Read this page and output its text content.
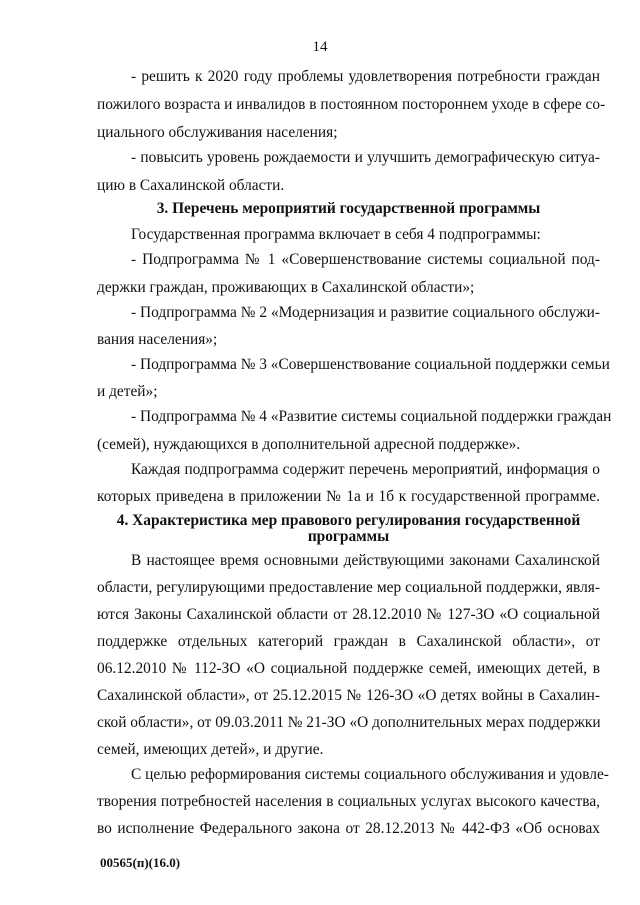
14
- решить к 2020 году проблемы удовлетворения потребности граждан
пожилого возраста и инвалидов в постоянном постороннем уходе в сфере со-
циального обслуживания населения;
- повысить уровень рождаемости и улучшить демографическую ситуа-
цию в Сахалинской области.
3. Перечень мероприятий государственной программы
Государственная программа включает в себя 4 подпрограммы:
- Подпрограмма № 1 «Совершенствование системы социальной под-
держки граждан, проживающих в Сахалинской области»;
- Подпрограмма № 2 «Модернизация и развитие социального обслужи-
вания населения»;
- Подпрограмма № 3 «Совершенствование социальной поддержки семьи
и детей»;
- Подпрограмма № 4 «Развитие системы социальной поддержки граждан
(семей), нуждающихся в дополнительной адресной поддержке».
Каждая подпрограмма содержит перечень мероприятий, информация о
которых приведена в приложении № 1а и 1б к государственной программе.
4. Характеристика мер правового регулирования государственной
программы
В настоящее время основными действующими законами Сахалинской
области, регулирующими предоставление мер социальной поддержки, явля-
ются Законы Сахалинской области от 28.12.2010 № 127-ЗО «О социальной
поддержке отдельных категорий граждан в Сахалинской области», от
06.12.2010 № 112-ЗО «О социальной поддержке семей, имеющих детей, в
Сахалинской области», от 25.12.2015 № 126-ЗО «О детях войны в Сахалин-
ской области», от 09.03.2011 № 21-ЗО «О дополнительных мерах поддержки
семей, имеющих детей», и другие.
С целью реформирования системы социального обслуживания и удовле-
творения потребностей населения в социальных услугах высокого качества,
во исполнение Федерального закона от 28.12.2013 № 442-ФЗ «Об основах
00565(п)(16.0)
